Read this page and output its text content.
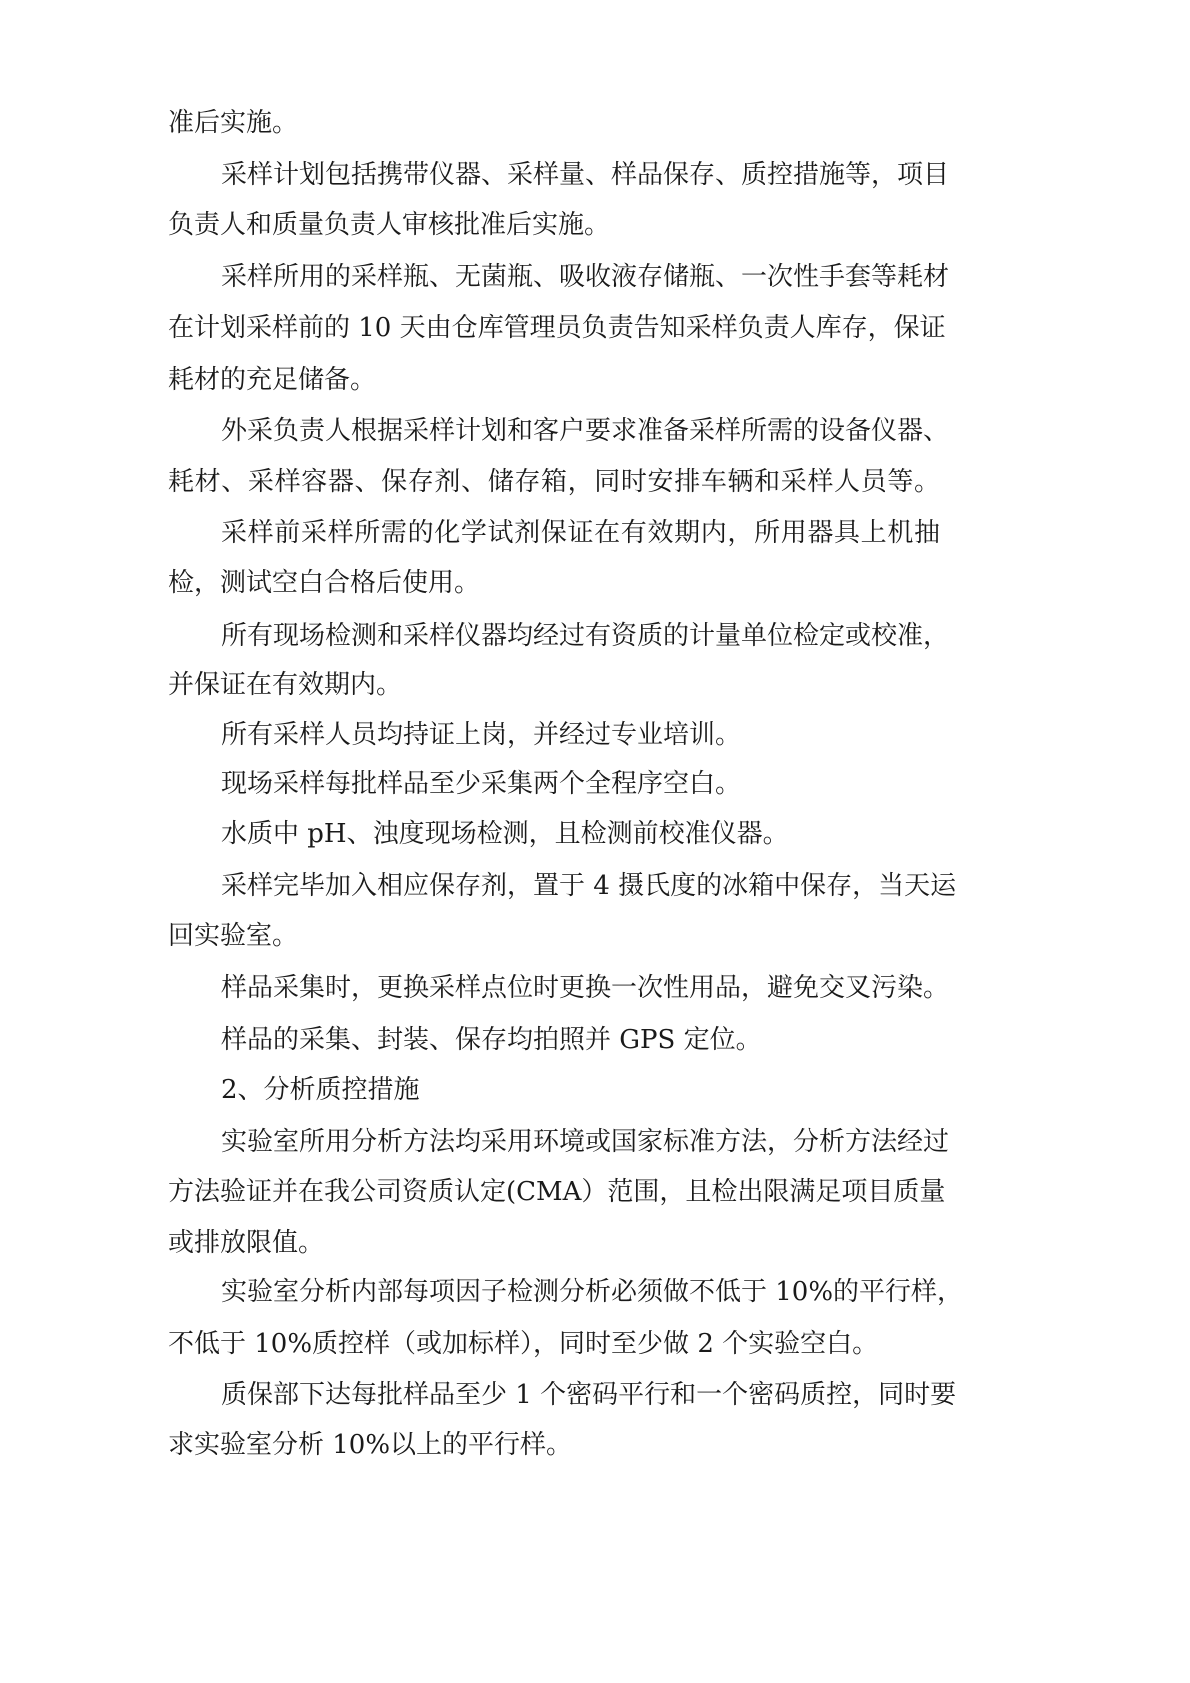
准后实施。
采样计划包括携带仪器、采样量、样品保存、质控措施等，项目
负责人和质量负责人审核批准后实施。
采样所用的采样瓶、无菌瓶、吸收液存储瓶、一次性手套等耗材
在计划采样前的 10 天由仓库管理员负责告知采样负责人库存，保证
耗材的充足储备。
外采负责人根据采样计划和客户要求准备采样所需的设备仪器、
耗材、采样容器、保存剂、储存箱，同时安排车辆和采样人员等。
采样前采样所需的化学试剂保证在有效期内，所用器具上机抽
检，测试空白合格后使用。
所有现场检测和采样仪器均经过有资质的计量单位检定或校准，
并保证在有效期内。
所有采样人员均持证上岗，并经过专业培训。
现场采样每批样品至少采集两个全程序空白。
水质中 pH、浊度现场检测，且检测前校准仪器。
采样完毕加入相应保存剂，置于 4 摄氏度的冰箱中保存，当天运
回实验室。
样品采集时，更换采样点位时更换一次性用品，避免交叉污染。
样品的采集、封装、保存均拍照并 GPS 定位。
2、分析质控措施
实验室所用分析方法均采用环境或国家标准方法，分析方法经过
方法验证并在我公司资质认定(CMA）范围，且检出限满足项目质量
或排放限值。
实验室分析内部每项因子检测分析必须做不低于 10%的平行样，
不低于 10%质控样（或加标样），同时至少做 2 个实验空白。
质保部下达每批样品至少 1 个密码平行和一个密码质控，同时要
求实验室分析 10%以上的平行样。
